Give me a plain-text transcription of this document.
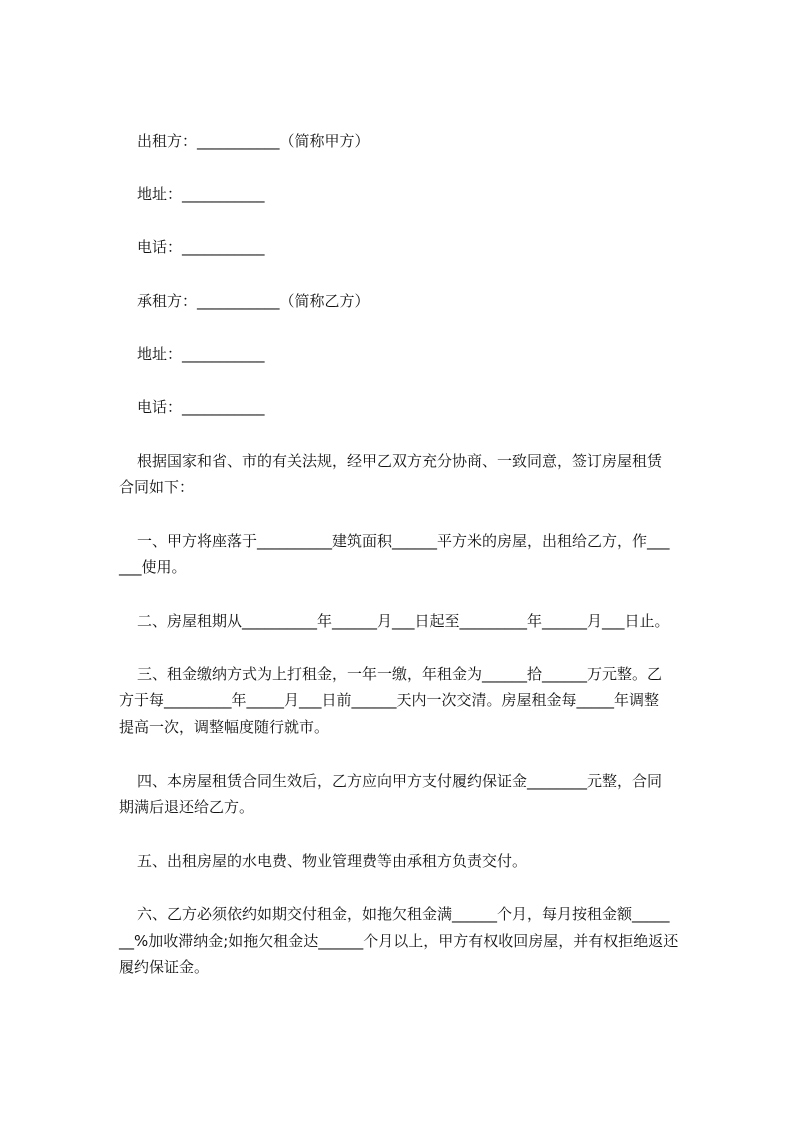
出租方：___________（简称甲方）
地址：___________
电话：___________
承租方：___________（简称乙方）
地址：___________
电话：___________
根据国家和省、市的有关法规，经甲乙双方充分协商、一致同意，签订房屋租赁
合同如下：
一、甲方将座落于__________建筑面积______平方米的房屋，出租给乙方，作___
___使用。
二、房屋租期从__________年______月___日起至_________年______月___日止。
三、租金缴纳方式为上打租金，一年一缴，年租金为______拾______万元整。乙
方于每_________年_____月___日前______天内一次交清。房屋租金每_____年调整
提高一次，调整幅度随行就市。
四、本房屋租赁合同生效后，乙方应向甲方支付履约保证金________元整，合同
期满后退还给乙方。
五、出租房屋的水电费、物业管理费等由承租方负责交付。
六、乙方必须依约如期交付租金，如拖欠租金满______个月，每月按租金额_____
__%加收滞纳金;如拖欠租金达______个月以上，甲方有权收回房屋，并有权拒绝返还
履约保证金。
